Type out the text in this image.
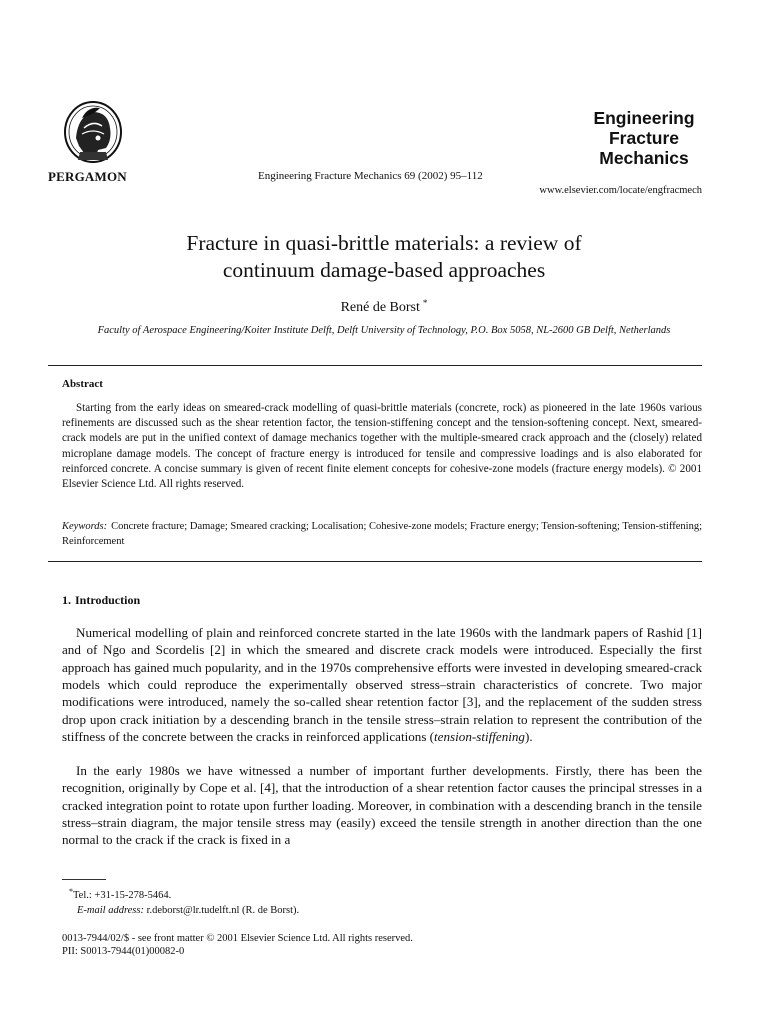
PERGAMON	Engineering Fracture Mechanics 69 (2002) 95–112
Engineering
Fracture
Mechanics
www.elsevier.com/locate/engfracmech
Fracture in quasi-brittle materials: a review of
continuum damage-based approaches
René de Borst *
Faculty of Aerospace Engineering/Koiter Institute Delft, Delft University of Technology, P.O. Box 5058, NL-2600 GB Delft, Netherlands
Abstract
Starting from the early ideas on smeared-crack modelling of quasi-brittle materials (concrete, rock) as pioneered in the late 1960s various refinements are discussed such as the shear retention factor, the tension-stiffening concept and the tension-softening concept. Next, smeared-crack models are put in the unified context of damage mechanics together with the multiple-smeared crack approach and the (closely) related microplane damage models. The concept of fracture energy is introduced for tensile and compressive loadings and is also elaborated for reinforced concrete. A concise summary is given of recent finite element concepts for cohesive-zone models (fracture energy models). © 2001 Elsevier Science Ltd. All rights reserved.
Keywords: Concrete fracture; Damage; Smeared cracking; Localisation; Cohesive-zone models; Fracture energy; Tension-softening; Tension-stiffening; Reinforcement
1. Introduction

Numerical modelling of plain and reinforced concrete started in the late 1960s with the landmark papers of Rashid [1] and of Ngo and Scordelis [2] in which the smeared and discrete crack models were introduced. Especially the first approach has gained much popularity, and in the 1970s comprehensive efforts were invested in developing smeared-crack models which could reproduce the experimentally observed stress–strain characteristics of concrete. Two major modifications were introduced, namely the so-called shear retention factor [3], and the replacement of the sudden stress drop upon crack initiation by a descending branch in the tensile stress–strain relation to represent the contribution of the stiffness of the concrete between the cracks in reinforced applications (tension-stiffening).

In the early 1980s we have witnessed a number of important further developments. Firstly, there has been the recognition, originally by Cope et al. [4], that the introduction of a shear retention factor causes the principal stresses in a cracked integration point to rotate upon further loading. Moreover, in combination with a descending branch in the tensile stress–strain diagram, the major tensile stress may (easily) exceed the tensile strength in another direction than the one normal to the crack if the crack is fixed in a

*Tel.: +31-15-278-5464.
E-mail address: r.deborst@lr.tudelft.nl (R. de Borst).
0013-7944/02/$ - see front matter © 2001 Elsevier Science Ltd. All rights reserved.
PII: S0013-7944(01)00082-0
